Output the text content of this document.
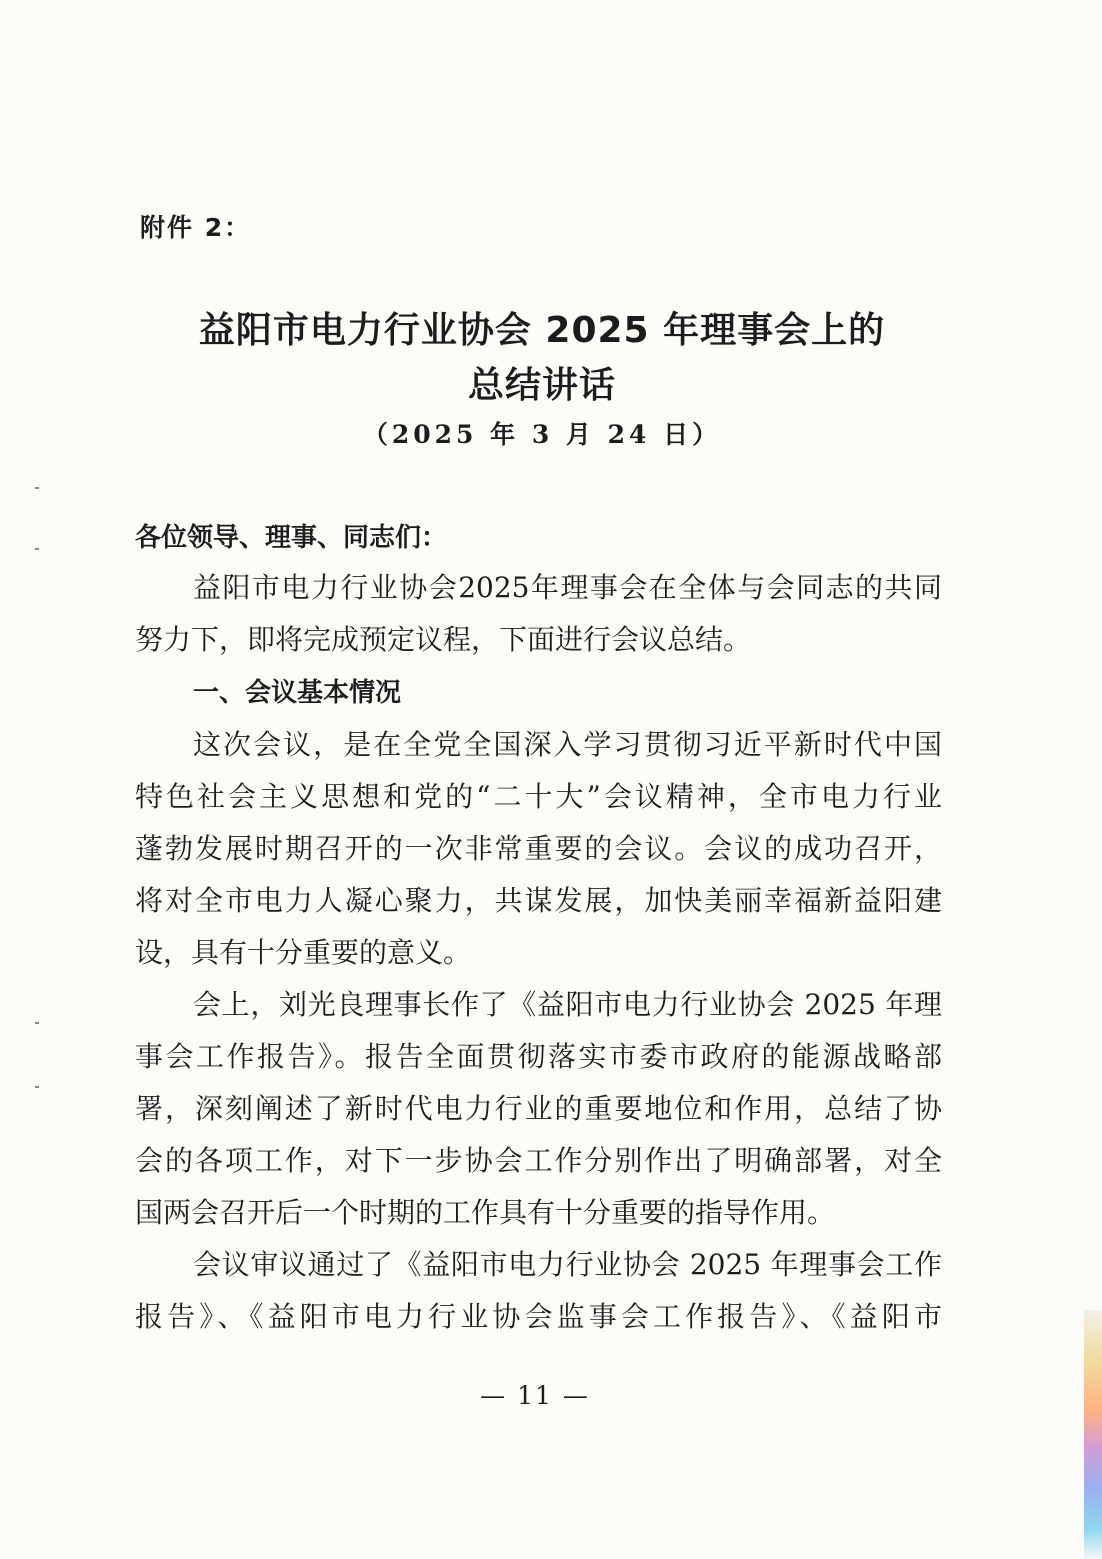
附件 2：
益阳市电力行业协会 2025 年理事会上的
总结讲话
（2025 年 3 月 24 日）
各位领导、理事、同志们：
益阳市电力行业协会2025年理事会在全体与会同志的共同
努力下，即将完成预定议程，下面进行会议总结。
一、会议基本情况
这次会议，是在全党全国深入学习贯彻习近平新时代中国
特色社会主义思想和党的“二十大”会议精神，全市电力行业
蓬勃发展时期召开的一次非常重要的会议。会议的成功召开，
将对全市电力人凝心聚力，共谋发展，加快美丽幸福新益阳建
设，具有十分重要的意义。
会上，刘光良理事长作了《益阳市电力行业协会 2025 年理
事会工作报告》。报告全面贯彻落实市委市政府的能源战略部
署，深刻阐述了新时代电力行业的重要地位和作用，总结了协
会的各项工作，对下一步协会工作分别作出了明确部署，对全
国两会召开后一个时期的工作具有十分重要的指导作用。
会议审议通过了《益阳市电力行业协会 2025 年理事会工作
报告》、《益阳市电力行业协会监事会工作报告》、《益阳市
— 11 —
